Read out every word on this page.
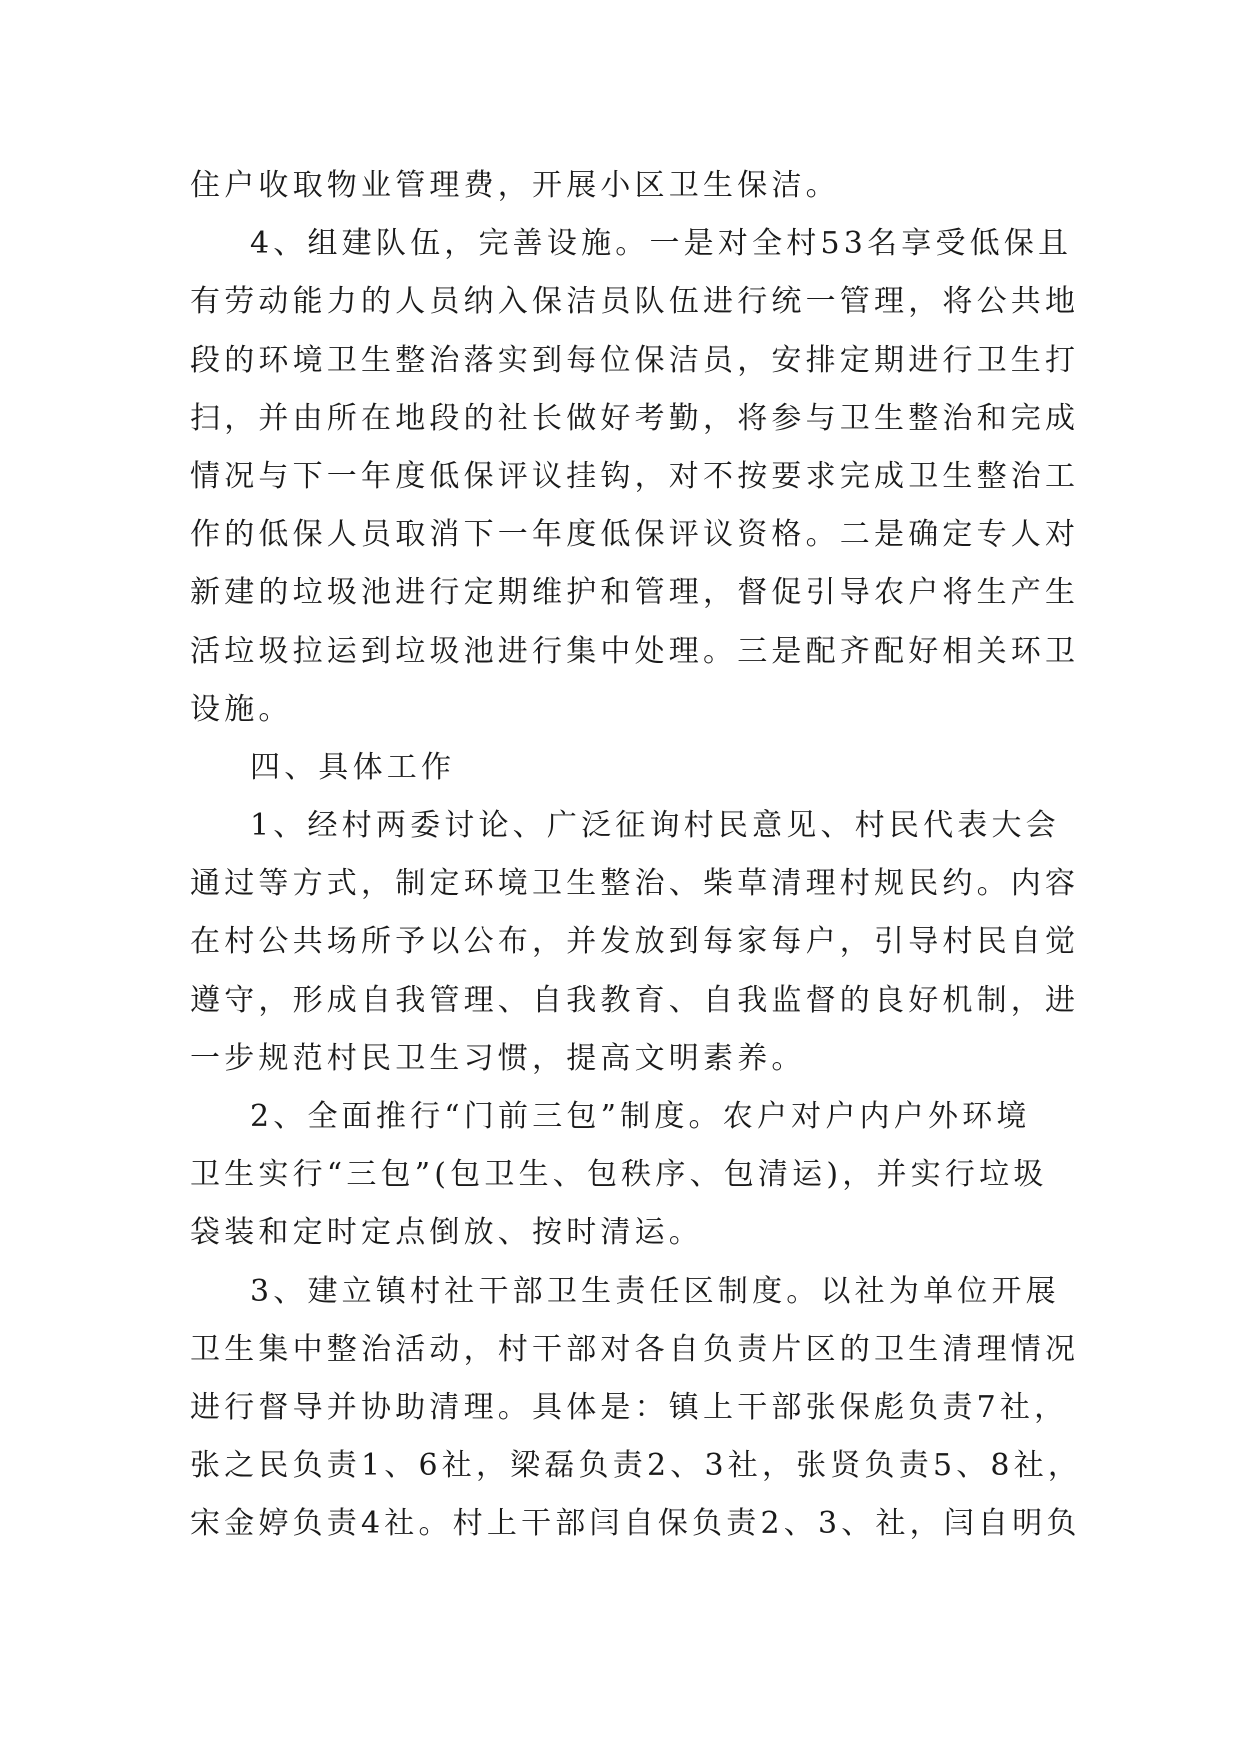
住户收取物业管理费，开展小区卫生保洁。
4、组建队伍，完善设施。一是对全村53名享受低保且
有劳动能力的人员纳入保洁员队伍进行统一管理，将公共地
段的环境卫生整治落实到每位保洁员，安排定期进行卫生打
扫，并由所在地段的社长做好考勤，将参与卫生整治和完成
情况与下一年度低保评议挂钩，对不按要求完成卫生整治工
作的低保人员取消下一年度低保评议资格。二是确定专人对
新建的垃圾池进行定期维护和管理，督促引导农户将生产生
活垃圾拉运到垃圾池进行集中处理。三是配齐配好相关环卫
设施。
四、具体工作
1、经村两委讨论、广泛征询村民意见、村民代表大会
通过等方式，制定环境卫生整治、柴草清理村规民约。内容
在村公共场所予以公布，并发放到每家每户，引导村民自觉
遵守，形成自我管理、自我教育、自我监督的良好机制，进
一步规范村民卫生习惯，提高文明素养。
2、全面推行“门前三包”制度。农户对户内户外环境
卫生实行“三包”(包卫生、包秩序、包清运)，并实行垃圾
袋装和定时定点倒放、按时清运。
3、建立镇村社干部卫生责任区制度。以社为单位开展
卫生集中整治活动，村干部对各自负责片区的卫生清理情况
进行督导并协助清理。具体是：镇上干部张保彪负责7社，
张之民负责1、6社，梁磊负责2、3社，张贤负责5、8社，
宋金婷负责4社。村上干部闫自保负责2、3、社，闫自明负
